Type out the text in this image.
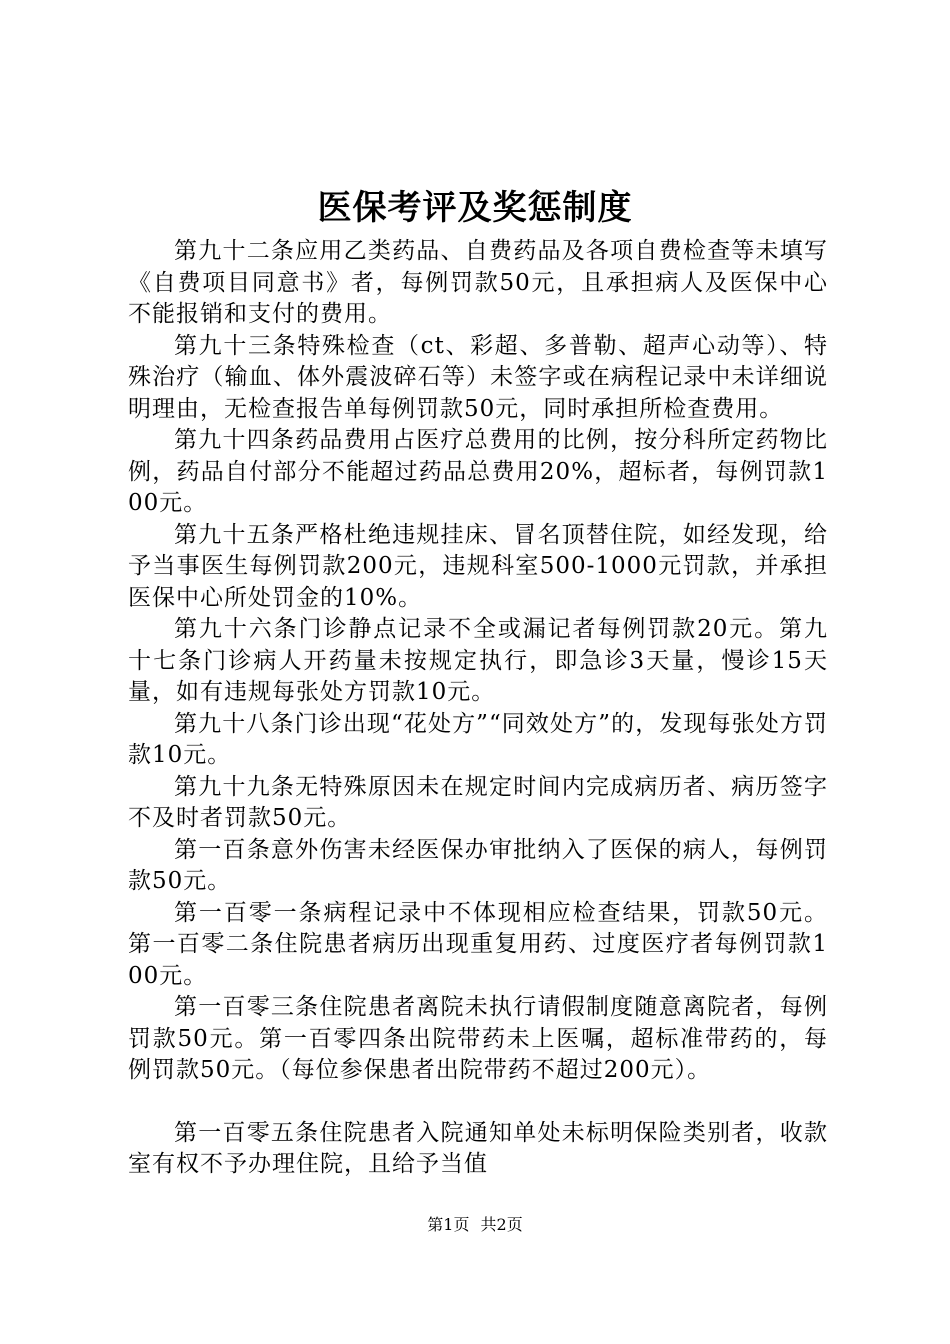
医保考评及奖惩制度

第九十二条应用乙类药品、自费药品及各项自费检查等未填写《自费项目同意书》者，每例罚款50元，且承担病人及医保中心不能报销和支付的费用。

第九十三条特殊检查（ct、彩超、多普勒、超声心动等）、特殊治疗（输血、体外震波碎石等）未签字或在病程记录中未详细说明理由，无检查报告单每例罚款50元，同时承担所检查费用。

第九十四条药品费用占医疗总费用的比例，按分科所定药物比例，药品自付部分不能超过药品总费用20%，超标者，每例罚款100元。

第九十五条严格杜绝违规挂床、冒名顶替住院，如经发现，给予当事医生每例罚款200元，违规科室500-1000元罚款，并承担医保中心所处罚金的10%。

第九十六条门诊静点记录不全或漏记者每例罚款20元。第九十七条门诊病人开药量未按规定执行，即急诊3天量，慢诊15天量，如有违规每张处方罚款10元。

第九十八条门诊出现“花处方”“同效处方”的，发现每张处方罚款10元。

第九十九条无特殊原因未在规定时间内完成病历者、病历签字不及时者罚款50元。

第一百条意外伤害未经医保办审批纳入了医保的病人，每例罚款50元。

第一百零一条病程记录中不体现相应检查结果，罚款50元。第一百零二条住院患者病历出现重复用药、过度医疗者每例罚款100元。

第一百零三条住院患者离院未执行请假制度随意离院者，每例罚款50元。第一百零四条出院带药未上医嘱，超标准带药的，每例罚款50元。（每位参保患者出院带药不超过200元）。

第一百零五条住院患者入院通知单处未标明保险类别者，收款室有权不予办理住院，且给予当值

第1页 共2页
